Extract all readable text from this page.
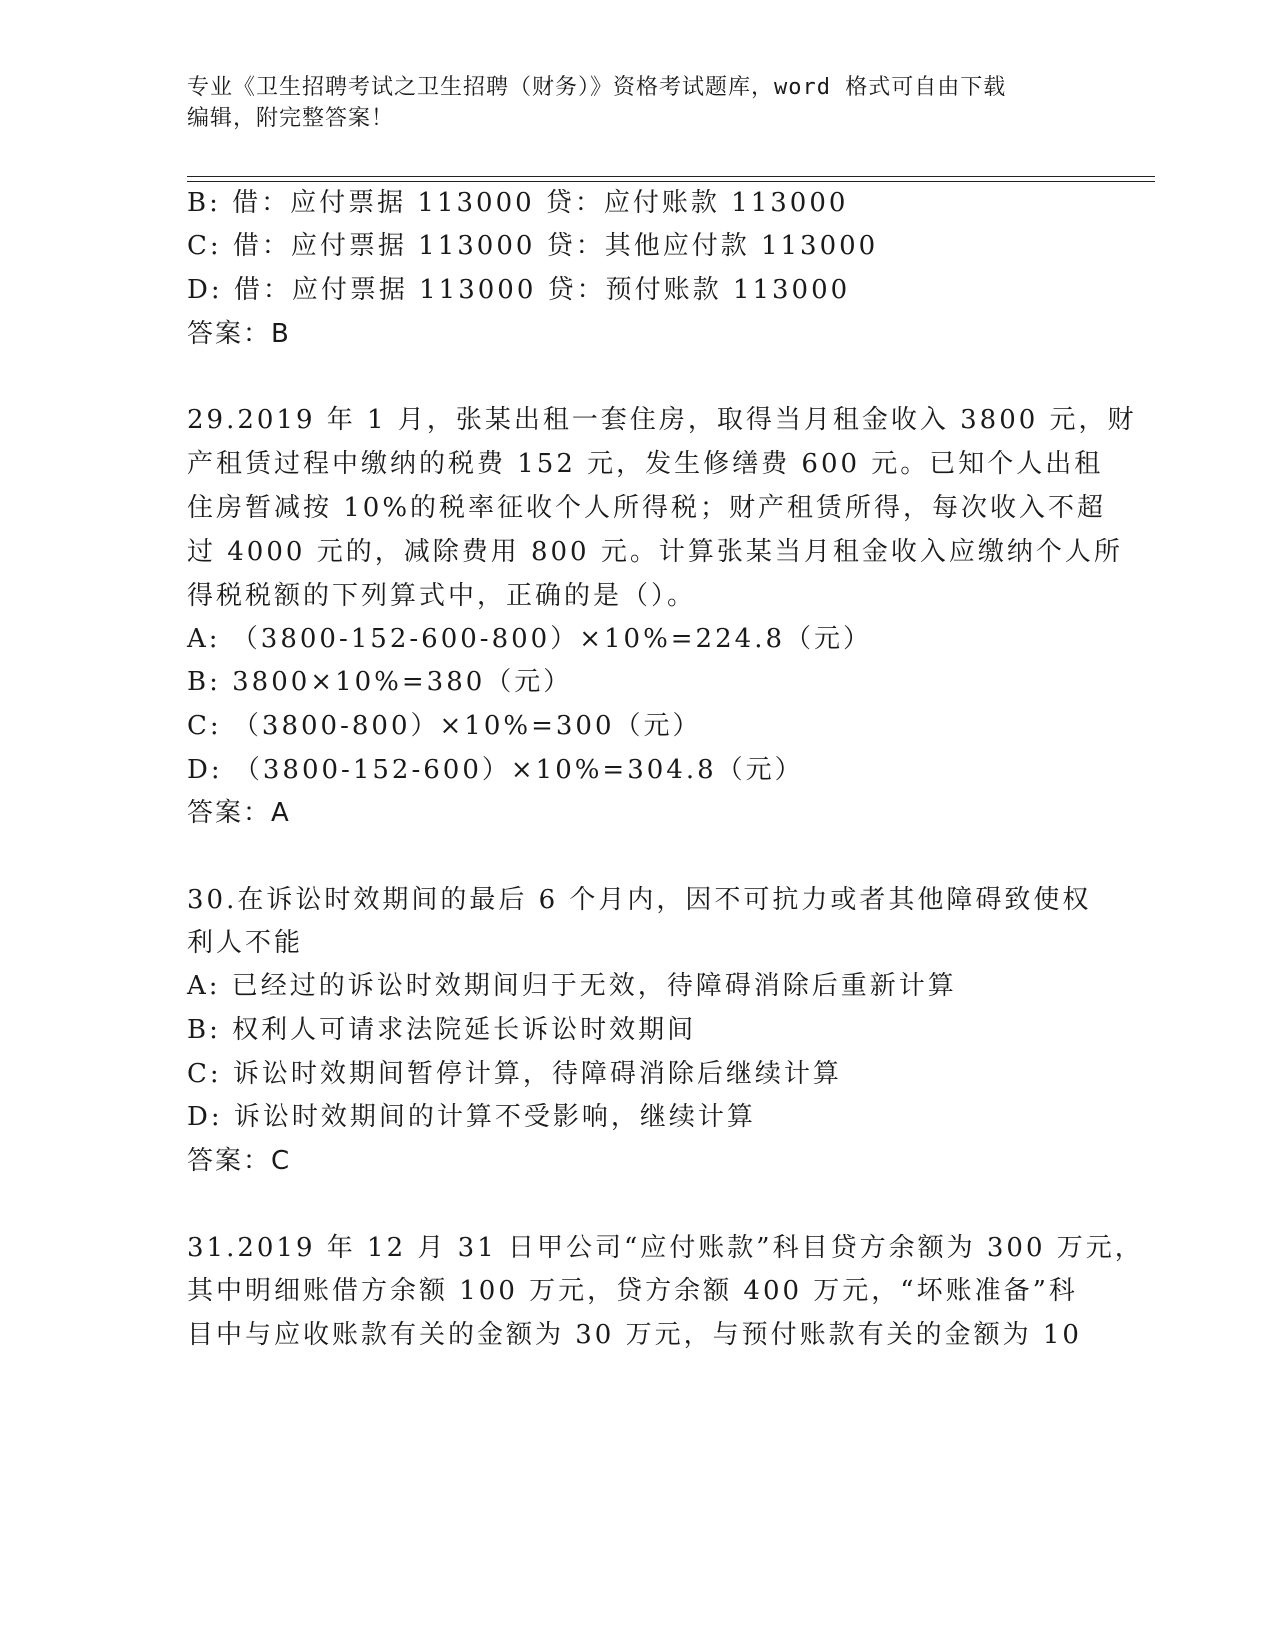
专业《卫生招聘考试之卫生招聘（财务）》资格考试题库，word 格式可自由下载
编辑，附完整答案！
B: 借：应付票据 113000 贷：应付账款 113000
C: 借：应付票据 113000 贷：其他应付款 113000
D: 借：应付票据 113000 贷：预付账款 113000
答案：B
29.2019 年 1 月，张某出租一套住房，取得当月租金收入 3800 元，财
产租赁过程中缴纳的税费 152 元，发生修缮费 600 元。已知个人出租
住房暂减按 10%的税率征收个人所得税；财产租赁所得，每次收入不超
过 4000 元的，减除费用 800 元。计算张某当月租金收入应缴纳个人所
得税税额的下列算式中，正确的是（）。
A: （3800-152-600-800）×10%=224.8（元）
B: 3800×10%=380（元）
C: （3800-800）×10%=300（元）
D: （3800-152-600）×10%=304.8（元）
答案：A
30.在诉讼时效期间的最后 6 个月内，因不可抗力或者其他障碍致使权
利人不能
A: 已经过的诉讼时效期间归于无效，待障碍消除后重新计算
B: 权利人可请求法院延长诉讼时效期间
C: 诉讼时效期间暂停计算，待障碍消除后继续计算
D: 诉讼时效期间的计算不受影响，继续计算
答案：C
31.2019 年 12 月 31 日甲公司“应付账款”科目贷方余额为 300 万元，
其中明细账借方余额 100 万元，贷方余额 400 万元，“坏账准备”科
目中与应收账款有关的金额为 30 万元，与预付账款有关的金额为 10
